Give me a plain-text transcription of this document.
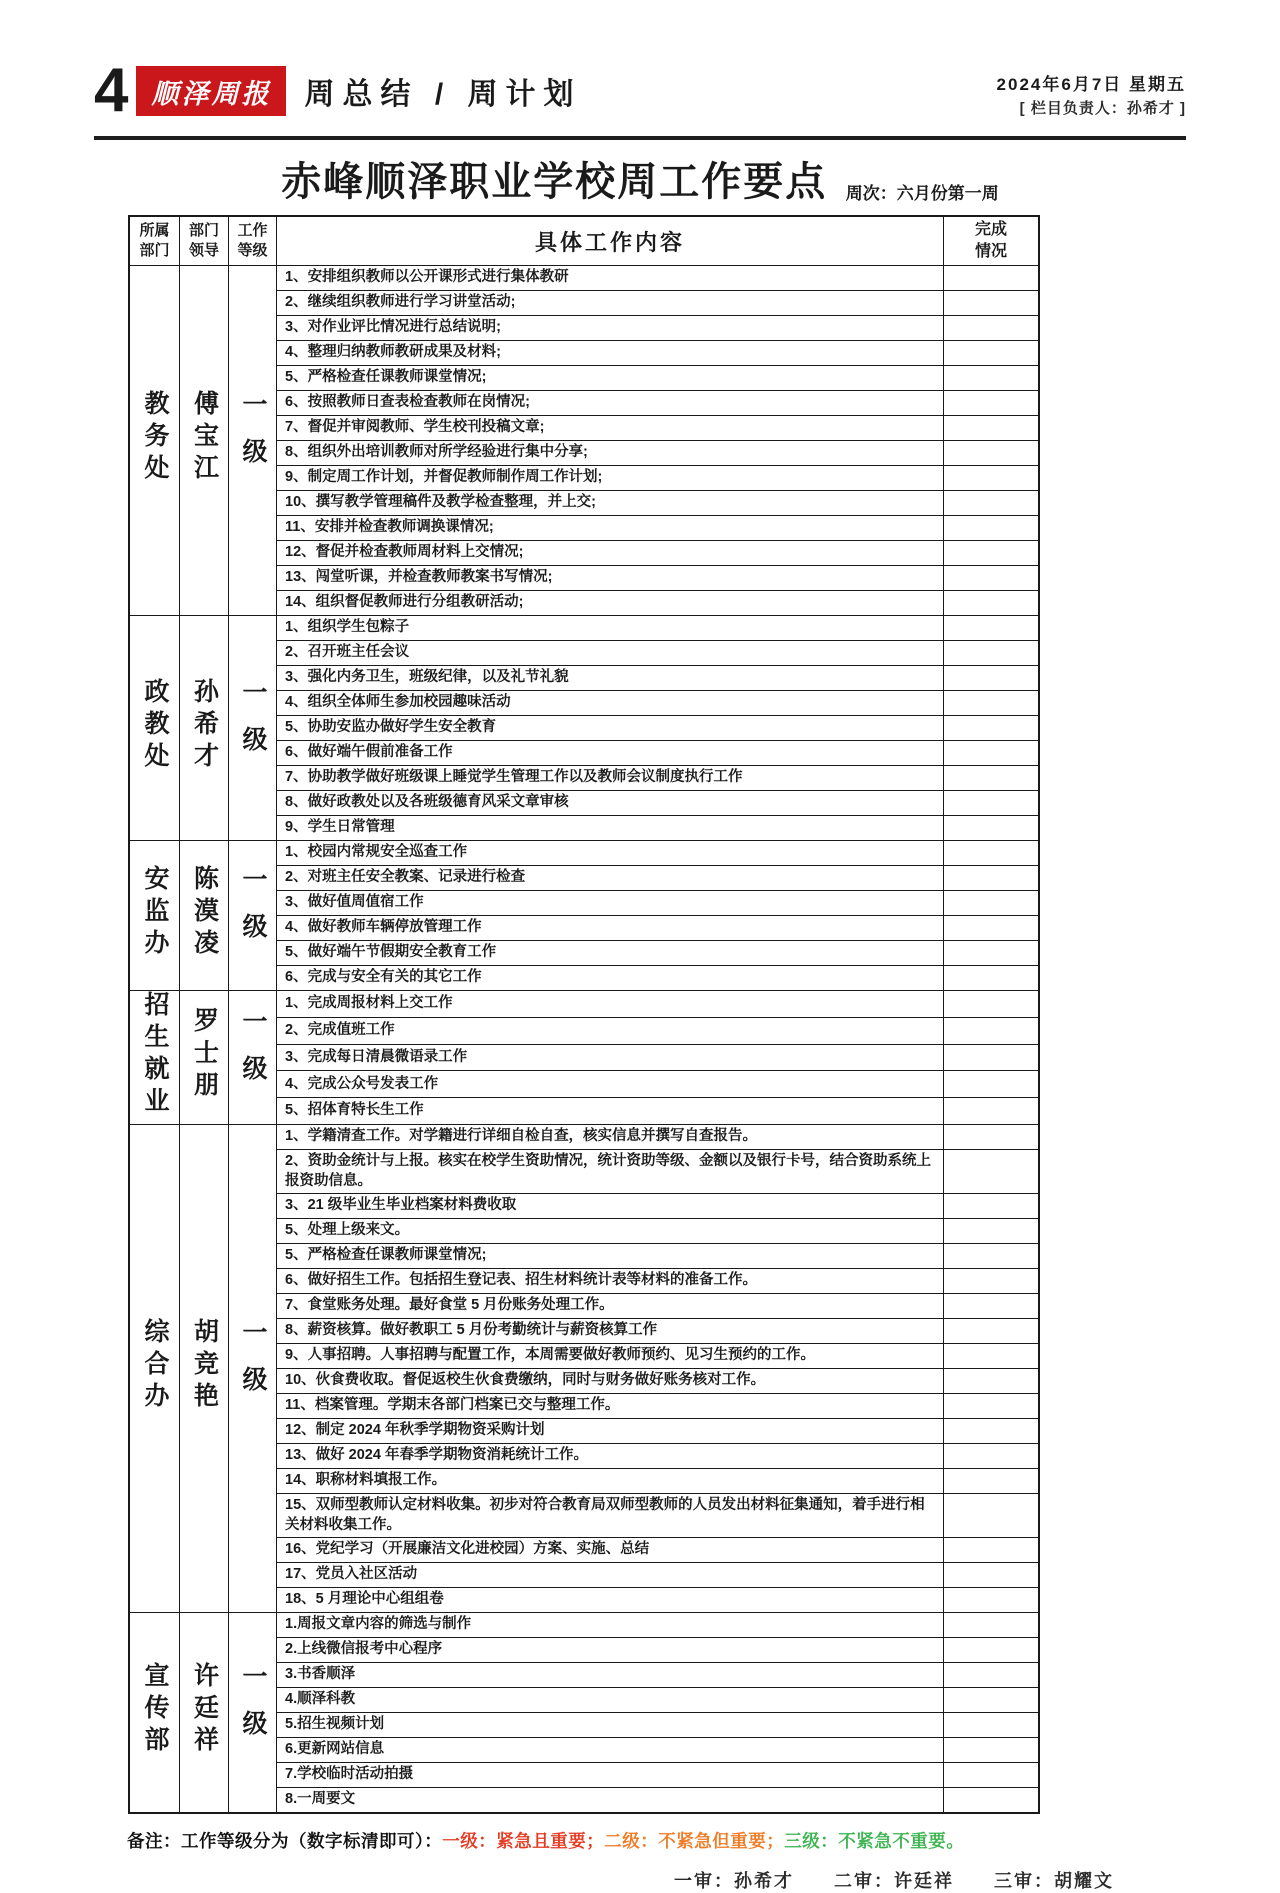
4 顺泽周报 周总结 / 周计划	2024年6月7日 星期五
[ 栏目负责人：孙希才 ]
赤峰顺泽职业学校周工作要点 周次：六月份第一周
所属部门	部门领导	工作等级	具体工作内容	完成情况
教务处	傅宝江	一级	1、安排组织教师以公开课形式进行集体教研	
			2、继续组织教师进行学习讲堂活动;	
			3、对作业评比情况进行总结说明;	
			4、整理归纳教师教研成果及材料;	
			5、严格检查任课教师课堂情况;	
			6、按照教师日查表检查教师在岗情况;	
			7、督促并审阅教师、学生校刊投稿文章;	
			8、组织外出培训教师对所学经验进行集中分享;	
			9、制定周工作计划，并督促教师制作周工作计划;	
			10、撰写教学管理稿件及教学检查整理，并上交;	
			11、安排并检查教师调换课情况;	
			12、督促并检查教师周材料上交情况;	
			13、闯堂听课，并检查教师教案书写情况;	
			14、组织督促教师进行分组教研活动;	
政教处	孙希才	一级	1、组织学生包粽子	
			2、召开班主任会议	
			3、强化内务卫生，班级纪律，以及礼节礼貌	
			4、组织全体师生参加校园趣味活动	
			5、协助安监办做好学生安全教育	
			6、做好端午假前准备工作	
			7、协助教学做好班级课上睡觉学生管理工作以及教师会议制度执行工作	
			8、做好政教处以及各班级德育风采文章审核	
			9、学生日常管理	
安监办	陈漠凌	一级	1、校园内常规安全巡查工作	
			2、对班主任安全教案、记录进行检查	
			3、做好值周值宿工作	
			4、做好教师车辆停放管理工作	
			5、做好端午节假期安全教育工作	
			6、完成与安全有关的其它工作	
招生就业	罗士朋	一级	1、完成周报材料上交工作	
			2、完成值班工作	
			3、完成每日清晨微语录工作	
			4、完成公众号发表工作	
			5、招体育特长生工作	
综合办	胡竞艳	一级	1、学籍清查工作。对学籍进行详细自检自查，核实信息并撰写自查报告。	
			2、资助金统计与上报。核实在校学生资助情况，统计资助等级、金额以及银行卡号，结合资助系统上报资助信息。	
			3、21 级毕业生毕业档案材料费收取	
			5、处理上级来文。	
			5、严格检查任课教师课堂情况;	
			6、做好招生工作。包括招生登记表、招生材料统计表等材料的准备工作。	
			7、食堂账务处理。最好食堂 5 月份账务处理工作。	
			8、薪资核算。做好教职工 5 月份考勤统计与薪资核算工作	
			9、人事招聘。人事招聘与配置工作，本周需要做好教师预约、见习生预约的工作。	
			10、伙食费收取。督促返校生伙食费缴纳，同时与财务做好账务核对工作。	
			11、档案管理。学期末各部门档案已交与整理工作。	
			12、制定 2024 年秋季学期物资采购计划	
			13、做好 2024 年春季学期物资消耗统计工作。	
			14、职称材料填报工作。	
			15、双师型教师认定材料收集。初步对符合教育局双师型教师的人员发出材料征集通知，着手进行相关材料收集工作。	
			16、党纪学习（开展廉洁文化进校园）方案、实施、总结	
			17、党员入社区活动	
			18、5 月理论中心组组卷	
宣传部	许廷祥	一级	1.周报文章内容的筛选与制作	
			2.上线微信报考中心程序	
			3.书香顺泽	
			4.顺泽科教	
			5.招生视频计划	
			6.更新网站信息	
			7.学校临时活动拍摄	
			8.一周要文	
备注：工作等级分为（数字标清即可）：一级：紧急且重要；二级：不紧急但重要；三级：不紧急不重要。
一审：孙希才　　二审：许廷祥　　三审：胡耀文
